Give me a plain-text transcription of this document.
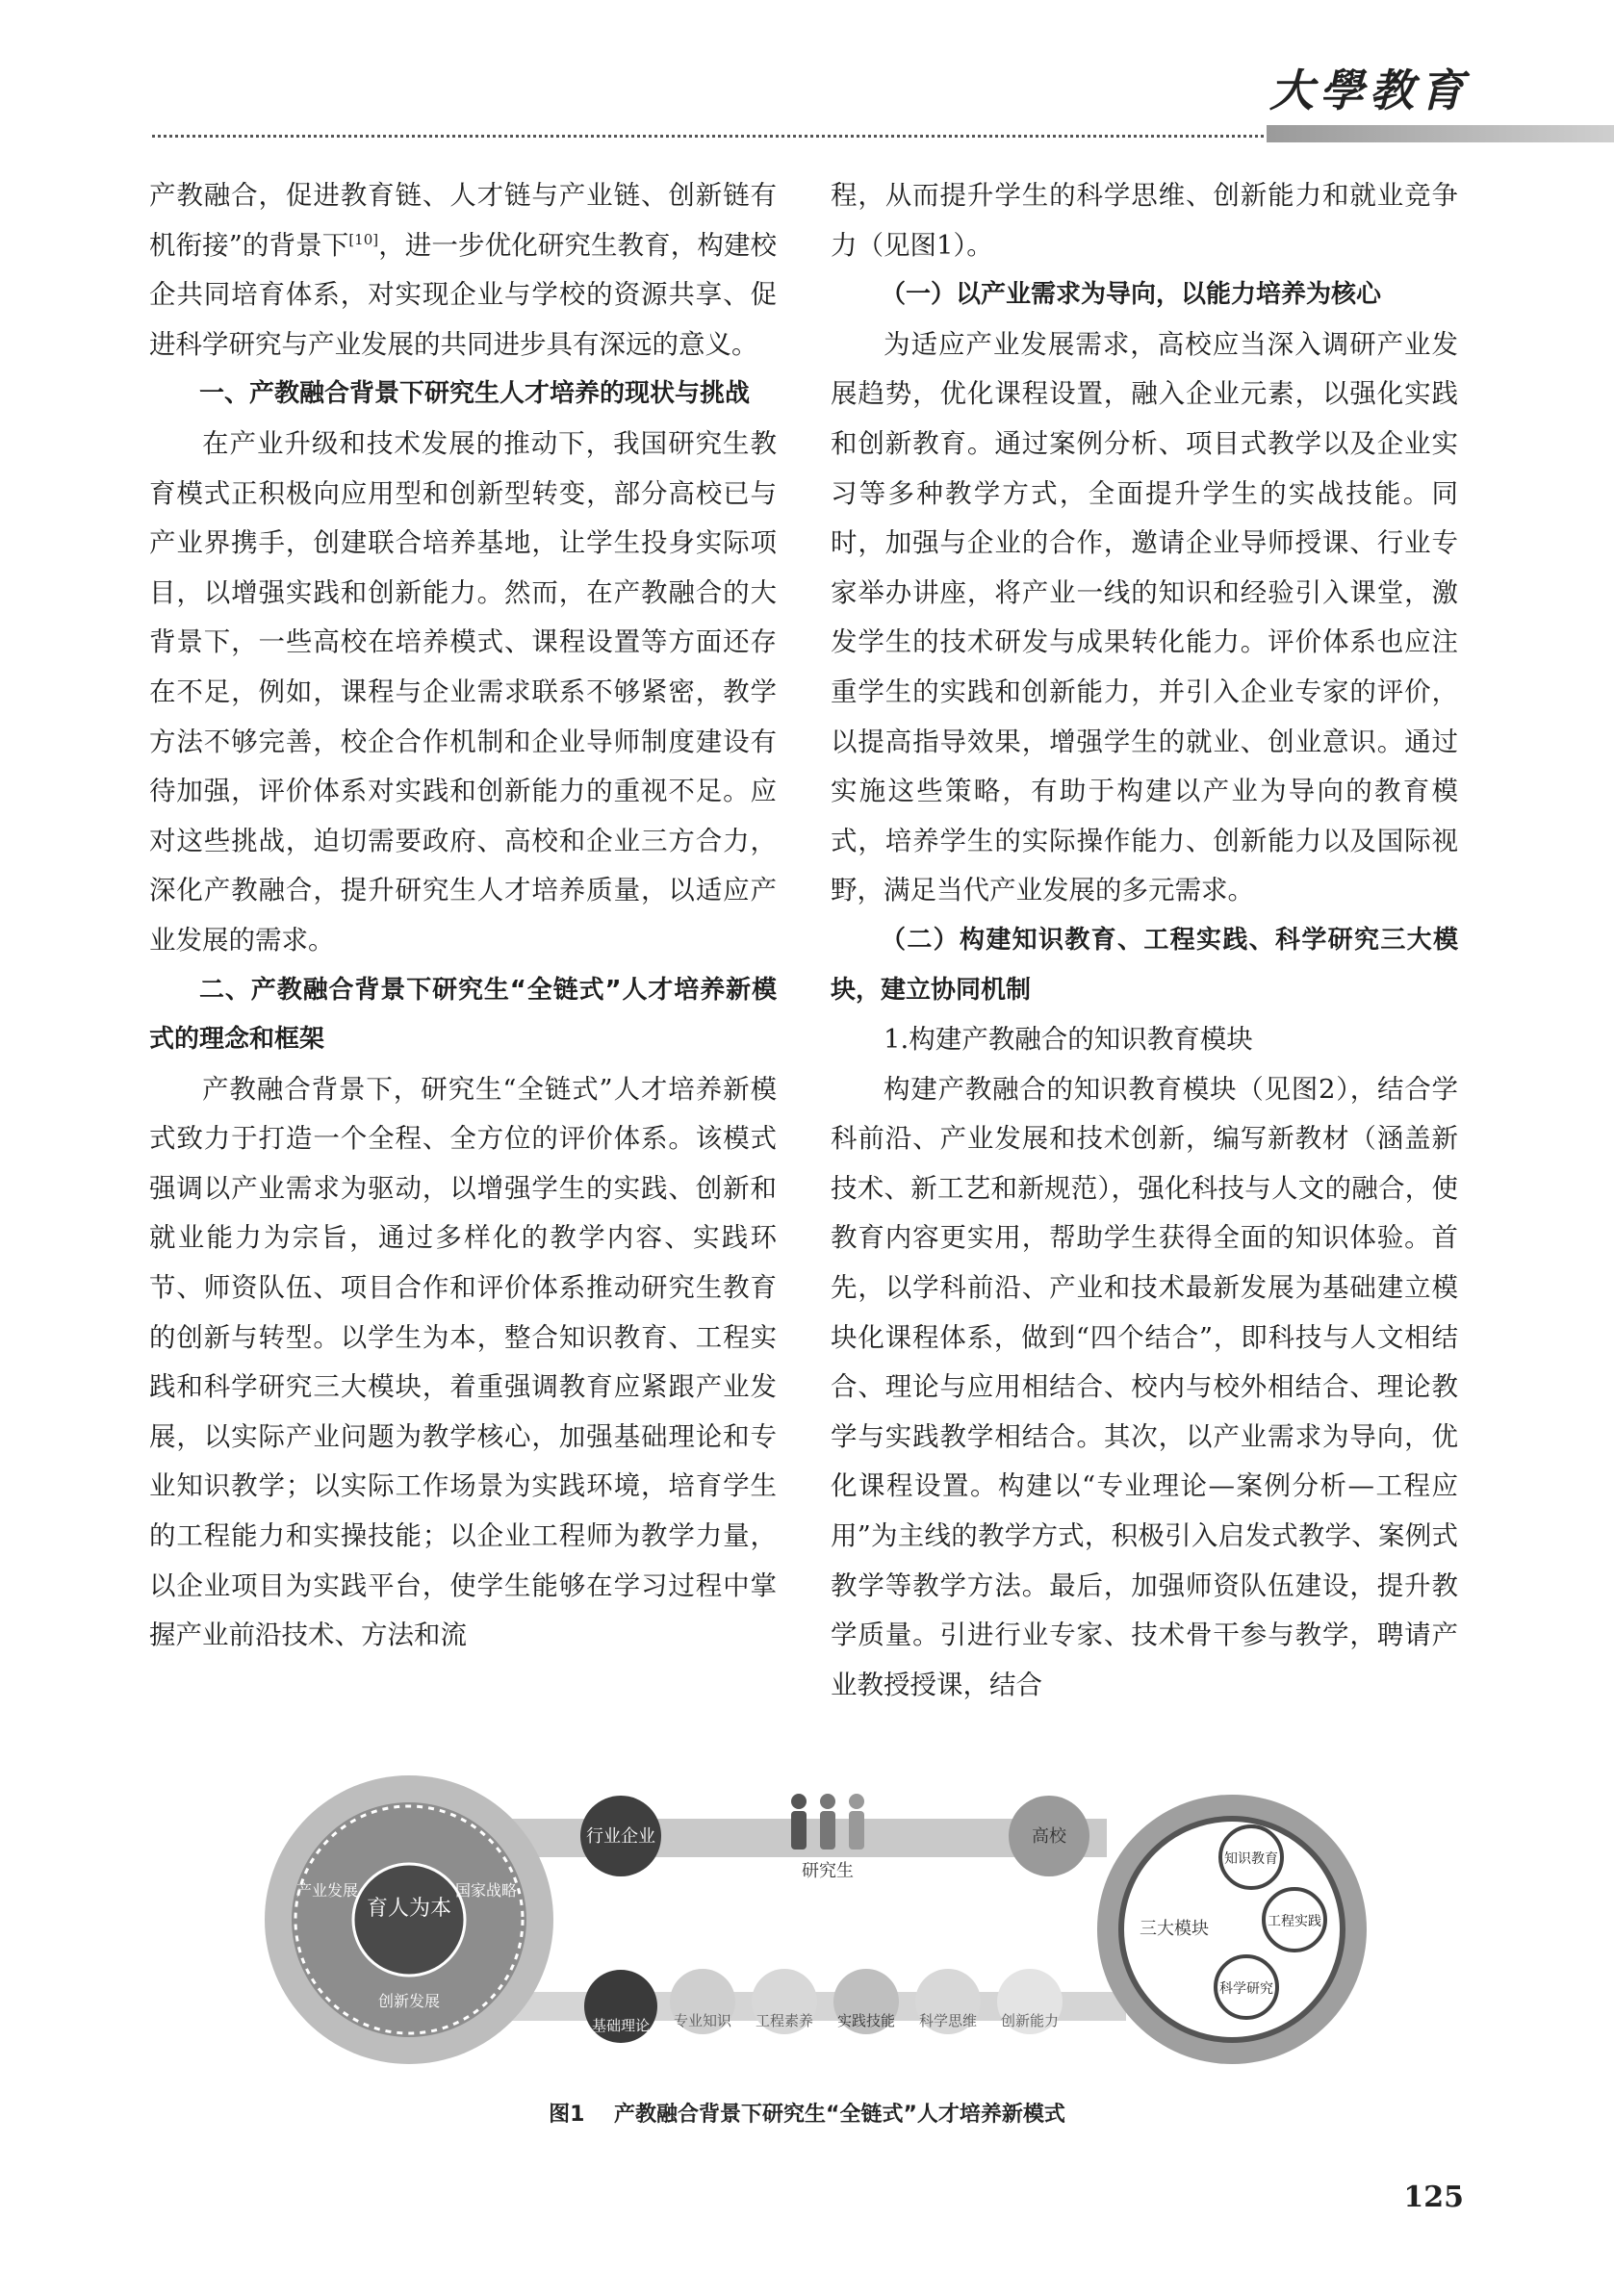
大學教育

产教融合，促进教育链、人才链与产业链、创新链有机衔接”的背景下[10]，进一步优化研究生教育，构建校企共同培育体系，对实现企业与学校的资源共享、促进科学研究与产业发展的共同进步具有深远的意义。

一、产教融合背景下研究生人才培养的现状与挑战

在产业升级和技术发展的推动下，我国研究生教育模式正积极向应用型和创新型转变，部分高校已与产业界携手，创建联合培养基地，让学生投身实际项目，以增强实践和创新能力。然而，在产教融合的大背景下，一些高校在培养模式、课程设置等方面还存在不足，例如，课程与企业需求联系不够紧密，教学方法不够完善，校企合作机制和企业导师制度建设有待加强，评价体系对实践和创新能力的重视不足。应对这些挑战，迫切需要政府、高校和企业三方合力，深化产教融合，提升研究生人才培养质量，以适应产业发展的需求。

二、产教融合背景下研究生“全链式”人才培养新模式的理念和框架

产教融合背景下，研究生“全链式”人才培养新模式致力于打造一个全程、全方位的评价体系。该模式强调以产业需求为驱动，以增强学生的实践、创新和就业能力为宗旨，通过多样化的教学内容、实践环节、师资队伍、项目合作和评价体系推动研究生教育的创新与转型。以学生为本，整合知识教育、工程实践和科学研究三大模块，着重强调教育应紧跟产业发展，以实际产业问题为教学核心，加强基础理论和专业知识教学；以实际工作场景为实践环境，培育学生的工程能力和实操技能；以企业工程师为教学力量，以企业项目为实践平台，使学生能够在学习过程中掌握产业前沿技术、方法和流

程，从而提升学生的科学思维、创新能力和就业竞争力（见图1）。

（一）以产业需求为导向，以能力培养为核心

为适应产业发展需求，高校应当深入调研产业发展趋势，优化课程设置，融入企业元素，以强化实践和创新教育。通过案例分析、项目式教学以及企业实习等多种教学方式，全面提升学生的实战技能。同时，加强与企业的合作，邀请企业导师授课、行业专家举办讲座，将产业一线的知识和经验引入课堂，激发学生的技术研发与成果转化能力。评价体系也应注重学生的实践和创新能力，并引入企业专家的评价，以提高指导效果，增强学生的就业、创业意识。通过实施这些策略，有助于构建以产业为导向的教育模式，培养学生的实际操作能力、创新能力以及国际视野，满足当代产业发展的多元需求。

（二）构建知识教育、工程实践、科学研究三大模块，建立协同机制

1.构建产教融合的知识教育模块

构建产教融合的知识教育模块（见图2），结合学科前沿、产业发展和技术创新，编写新教材（涵盖新技术、新工艺和新规范），强化科技与人文的融合，使教育内容更实用，帮助学生获得全面的知识体验。首先，以学科前沿、产业和技术最新发展为基础建立模块化课程体系，做到“四个结合”，即科技与人文相结合、理论与应用相结合、校内与校外相结合、理论教学与实践教学相结合。其次，以产业需求为导向，优化课程设置。构建以“专业理论—案例分析—工程应用”为主线的教学方式，积极引入启发式教学、案例式教学等教学方法。最后，加强师资队伍建设，提升教学质量。引进行业专家、技术骨干参与教学，聘请产业教授授课，结合

育人为本
产业发展	国家战略
创新发展
行业企业
研究生
高校
三大模块
知识教育
工程实践
科学研究
基础理论 专业知识 工程素养 实践技能 科学思维 创新能力
图1 产教融合背景下研究生“全链式”人才培养新模式
125
